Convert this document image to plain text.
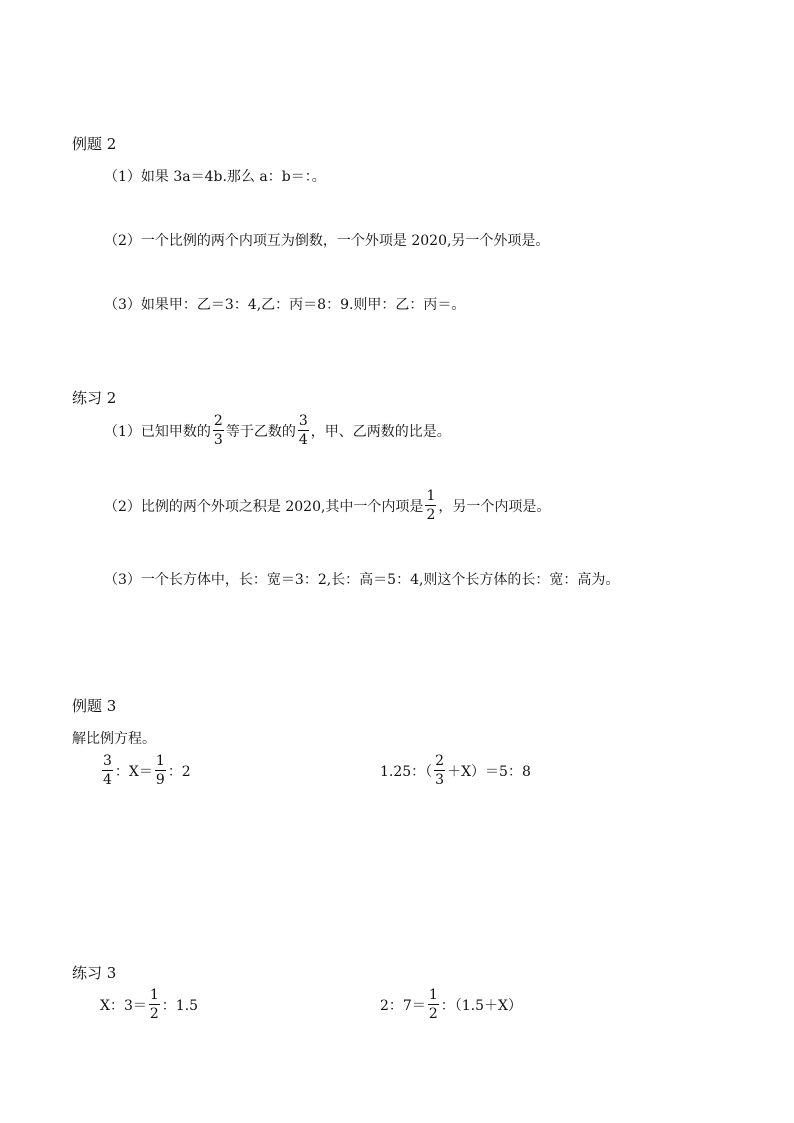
例题 2
（1）如果 3a＝4b.那么 a：b＝：。
（2）一个比例的两个内项互为倒数，一个外项是 2020,另一个外项是。
（3）如果甲：乙＝3：4,乙：丙＝8：9.则甲：乙：丙＝。
练习 2
（1）已知甲数的 $\frac{2}{3}$ 等于乙数的 $\frac{3}{4}$ ，甲、乙两数的比是。
（2）比例的两个外项之积是 2020,其中一个内项是 $\frac{1}{2}$ ，另一个内项是。
（3）一个长方体中，长：宽＝3：2,长：高＝5：4,则这个长方体的长：宽：高为。
例题 3
解比例方程。
$\frac{3}{4}$ ：$X= \frac{1}{9}$ ：2	1.25：（ $\frac{2}{3} +X)=5$：8
练习 3
X：$3= \frac{1}{2}$ ：1.5	2：$7= \frac{1}{2}$ ：（1.5＋X）
